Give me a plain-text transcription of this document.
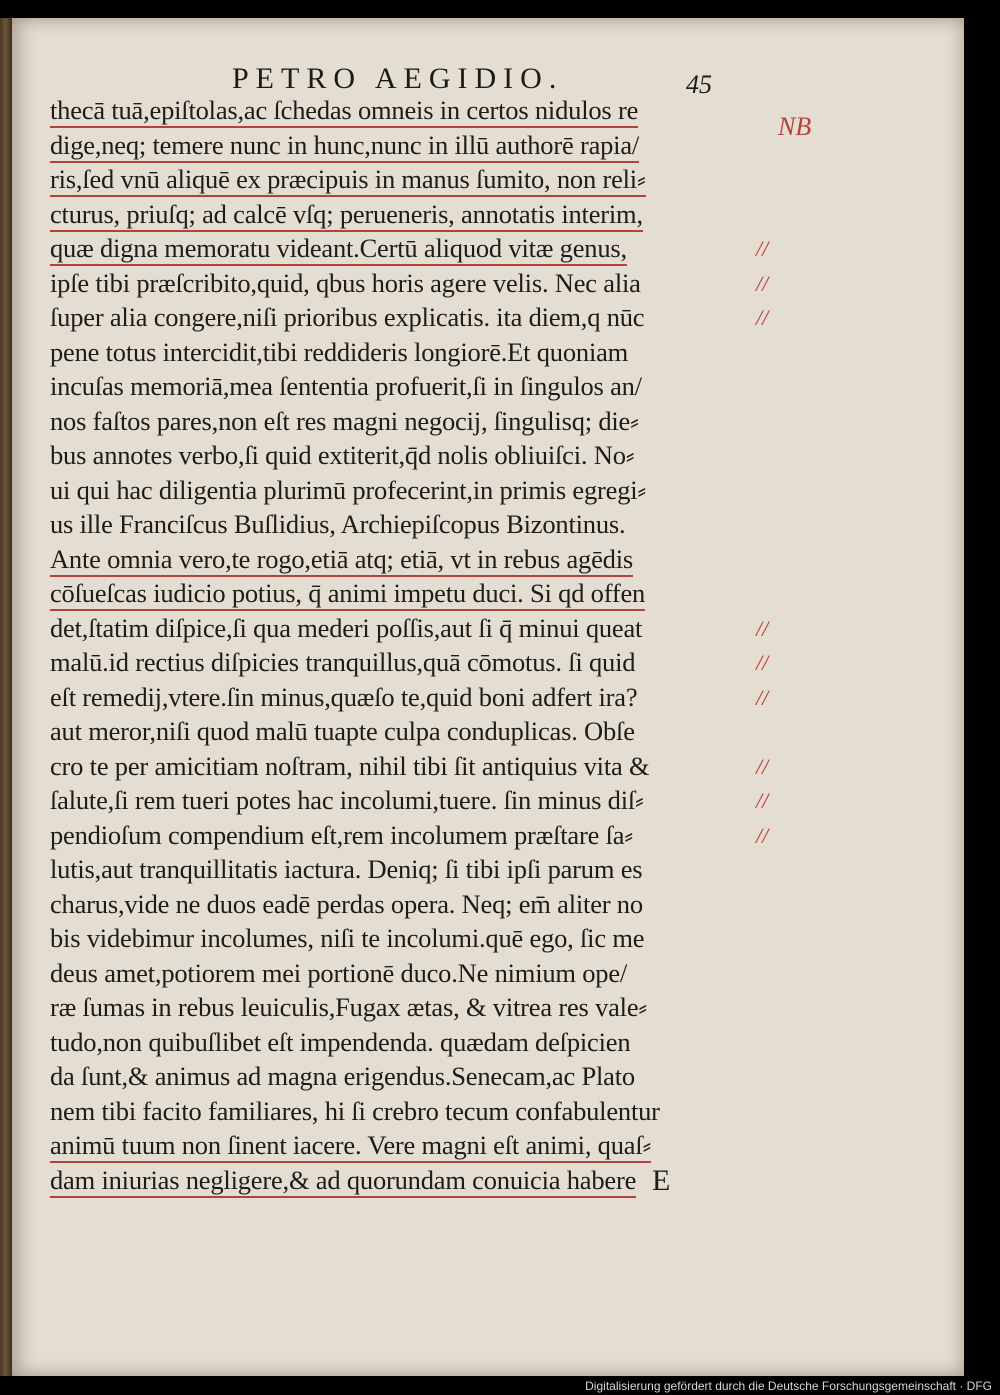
PETRO AEGIDIO.	45
NB
thecā tuā,epiſtolas,ac ſchedas omneis in certos nidulos re
dige,neq; temere nunc in hunc,nunc in illū authorē rapia/
ris,ſed vnū aliquē ex præcipuis in manus ſumito, non reli⸗
cturus, priuſq; ad calcē vſq; perueneris, annotatis interim,
quæ digna memoratu videant.Certū aliquod vitæ genus,
ipſe tibi præſcribito,quid, qbus horis agere velis. Nec alia
ſuper alia congere,niſi prioribus explicatis. ita diem,q nūc
pene totus intercidit,tibi reddideris longiorē.Et quoniam
incuſas memoriā,mea ſententia profuerit,ſi in ſingulos an/
nos faſtos pares,non eſt res magni negocij, ſingulisq; die⸗
bus annotes verbo,ſi quid extiterit,q̄d nolis obliuiſci. No⸗
ui qui hac diligentia plurimū profecerint,in primis egregi⸗
us ille Franciſcus Buſlidius, Archiepiſcopus Bizontinus.
Ante omnia vero,te rogo,etiā atq; etiā, vt in rebus agēdis
cōſueſcas iudicio potius, q̄ animi impetu duci. Si qd offen
det,ſtatim diſpice,ſi qua mederi poſſis,aut ſi q̄ minui queat
malū.id rectius diſpicies tranquillus,quā cōmotus. ſi quid
eſt remedij,vtere.ſin minus,quæſo te,quid boni adfert ira?
aut meror,niſi quod malū tuapte culpa conduplicas. Obſe
cro te per amicitiam noſtram, nihil tibi ſit antiquius vita &
ſalute,ſi rem tueri potes hac incolumi,tuere. ſin minus diſ⸗
pendioſum compendium eſt,rem incolumem præſtare ſa⸗
lutis,aut tranquillitatis iactura. Deniq; ſi tibi ipſi parum es
charus,vide ne duos eadē perdas opera. Neq; em̄ aliter no
bis videbimur incolumes, niſi te incolumi.quē ego, ſic me
deus amet,potiorem mei portionē duco.Ne nimium ope/
ræ ſumas in rebus leuiculis,Fugax ætas, & vitrea res vale⸗
tudo,non quibuſlibet eſt impendenda. quædam deſpicien
da ſunt,& animus ad magna erigendus.Senecam,ac Plato
nem tibi facito familiares, hi ſi crebro tecum confabulentur
animū tuum non ſinent iacere. Vere magni eſt animi, quaſ⸗
dam iniurias negligere,& ad quorundam conuicia habere
//
//
//
//
//
//
//
//
//
E
Digitalisierung gefördert durch die Deutsche Forschungsgemeinschaft · DFG
